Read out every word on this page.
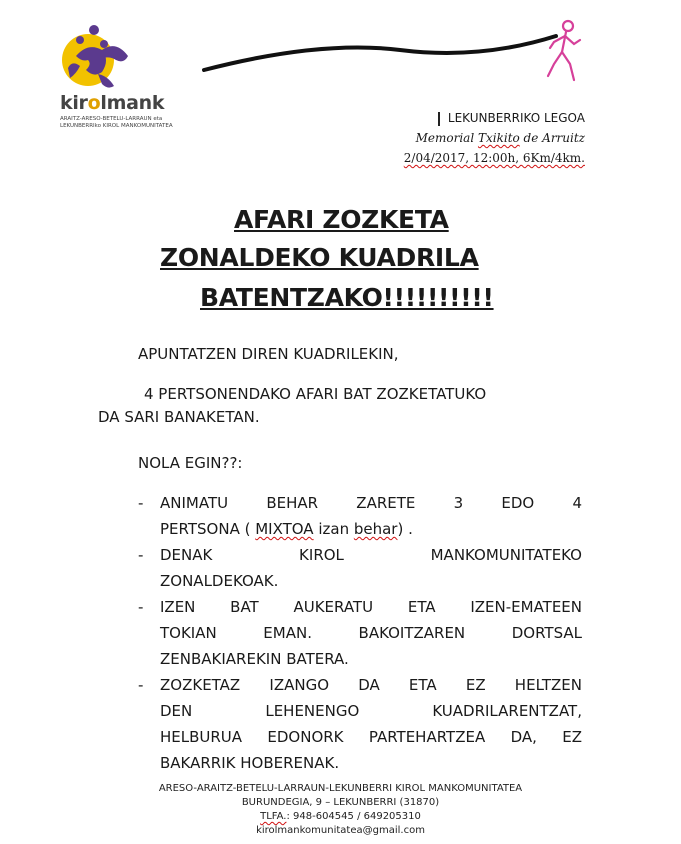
kirolmank
ARAITZ-ARESO-BETELU-LARRAUN eta
LEKUNBERRIko KIROL MANKOMUNITATEA
LEKUNBERRIKO LEGOA
Memorial Txikito de Arruitz
2/04/2017, 12:00h, 6Km/4km.
AFARI ZOZKETA
ZONALDEKO KUADRILA
BATENTZAKO!!!!!!!!!!
APUNTATZEN DIREN KUADRILEKIN,
4 PERTSONENDAKO AFARI BAT ZOZKETATUKO
DA SARI BANAKETAN.
NOLA EGIN??:
- ANIMATU BEHAR ZARETE 3 EDO 4
PERTSONA ( MIXTOA izan behar) .
- DENAK KIROL MANKOMUNITATEKO
ZONALDEKOAK.
- IZEN BAT AUKERATU ETA IZEN-EMATEEN
TOKIAN EMAN. BAKOITZAREN DORTSAL
ZENBAKIAREKIN BATERA.
- ZOZKETAZ IZANGO DA ETA EZ HELTZEN
DEN LEHENENGO KUADRILARENTZAT,
HELBURUA EDONORK PARTEHARTZEA DA, EZ
BAKARRIK HOBERENAK.
ARESO-ARAITZ-BETELU-LARRAUN-LEKUNBERRI KIROL MANKOMUNITATEA
BURUNDEGIA, 9 – LEKUNBERRI (31870)
TLFA.: 948-604545 / 649205310
kirolmankomunitatea@gmail.com
